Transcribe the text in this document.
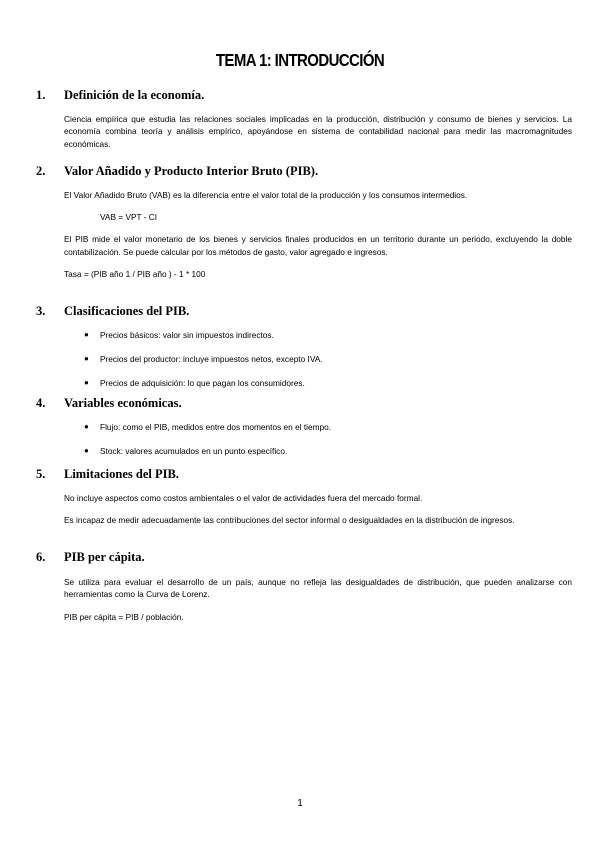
TEMA 1: INTRODUCCIÓN
1. Definición de la economía.

Ciencia empírica que estudia las relaciones sociales implicadas en la producción, distribución y consumo de bienes y servicios. La economía combina teoría y análisis empírico, apoyándose en sistema de contabilidad nacional para medir las macromagnitudes económicas.

2. Valor Añadido y Producto Interior Bruto (PIB).

El Valor Añadido Bruto (VAB) es la diferencia entre el valor total de la producción y los consumos intermedios.

VAB = VPT - CI

El PIB mide el valor monetario de los bienes y servicios finales producidos en un territorio durante un periodo, excluyendo la doble contabilización. Se puede calcular por los métodos de gasto, valor agregado e ingresos.

Tasa = (PIB año 1 / PIB año ) - 1 * 100
3. Clasificaciones del PIB.
● Precios básicos: valor sin impuestos indirectos.
● Precios del productor: incluye impuestos netos, excepto IVA.
● Precios de adquisición: lo que pagan los consumidores.
4. Variables económicas.
● Flujo: como el PIB, medidos entre dos momentos en el tiempo.
● Stock: valores acumulados en un punto específico.
5. Limitaciones del PIB.

No incluye aspectos como costos ambientales o el valor de actividades fuera del mercado formal.

Es incapaz de medir adecuadamente las contribuciones del sector informal o desigualdades en la distribución de ingresos.

6. PIB per cápita.

Se utiliza para evaluar el desarrollo de un país, aunque no refleja las desigualdades de distribución, que pueden analizarse con herramientas como la Curva de Lorenz.

PIB per cápita = PIB / población.
1
